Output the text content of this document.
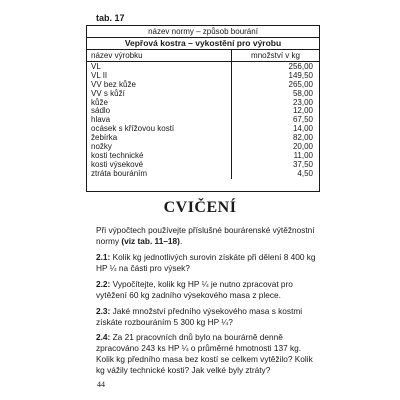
tab. 17
název normy – způsob bourání
Vepřová kostra – vykostění pro výrobu
název výrobku	množství v kg
VL
VL II
VV bez kůže
VV s kůží
kůže
sádlo
hlava
ocásek s křížovou kostí
žebírka
nožky
kosti technické
kosti výsekové
ztráta bouráním
256,00
149,50
265,00
58,00
23,00
12,00
67,50
14,00
82,00
20,00
11,00
37,50
4,50
CVIČENÍ
Při výpočtech používejte příslušné bourárenské výtěžnostní normy (viz tab. 11–18).
2.1: Kolik kg jednotlivých surovin získáte při dělení 8 400 kg HP ¼ na části pro výsek?
2.2: Vypočítejte, kolik kg HP ¼ je nutno zpracovat pro vytěžení 60 kg zadního výsekového masa z plece.
2.3: Jaké množství předního výsekového masa s kostmi získáte rozbouráním 5 300 kg HP ¼?
2.4: Za 21 pracovních dnů bylo na bourárně denně zpracováno 243 ks HP ¼ o průměrné hmotnosti 137 kg. Kolik kg předního masa bez kostí se celkem vytěžilo? Kolik kg vážily technické kosti? Jak velké byly ztráty?
44
